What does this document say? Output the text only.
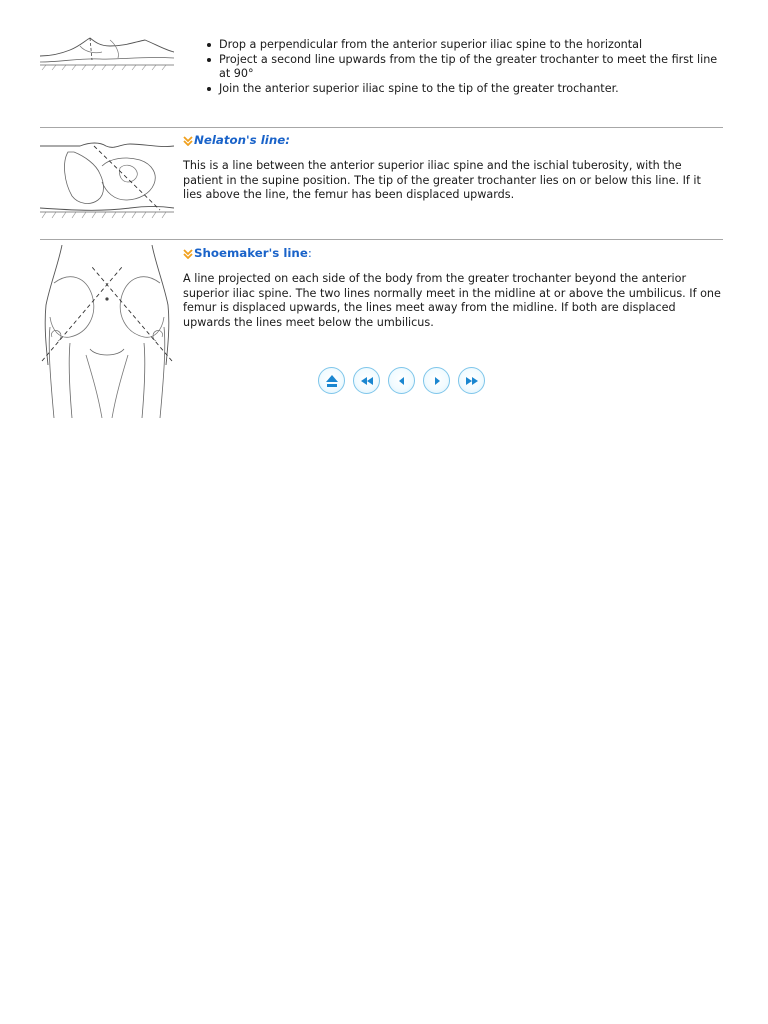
Drop a perpendicular from the anterior superior iliac spine to the horizontal
Project a second line upwards from the tip of the greater trochanter to meet the first line at 90°
Join the anterior superior iliac spine to the tip of the greater trochanter.
N elaton's line:
This is a line between the anterior superior iliac spine and the ischial tuberosity, with the patient in the supine position. The tip of the greater trochanter lies on or below this line. If it lies above the line, the femur has been displaced upwards.
Shoemaker's line :
A line projected on each side of the body from the greater trochanter beyond the anterior superior iliac spine. The two lines normally meet in the midline at or above the umbilicus. If one femur is displaced upwards, the lines meet away from the midline. If both are displaced upwards the lines meet below the umbilicus.
